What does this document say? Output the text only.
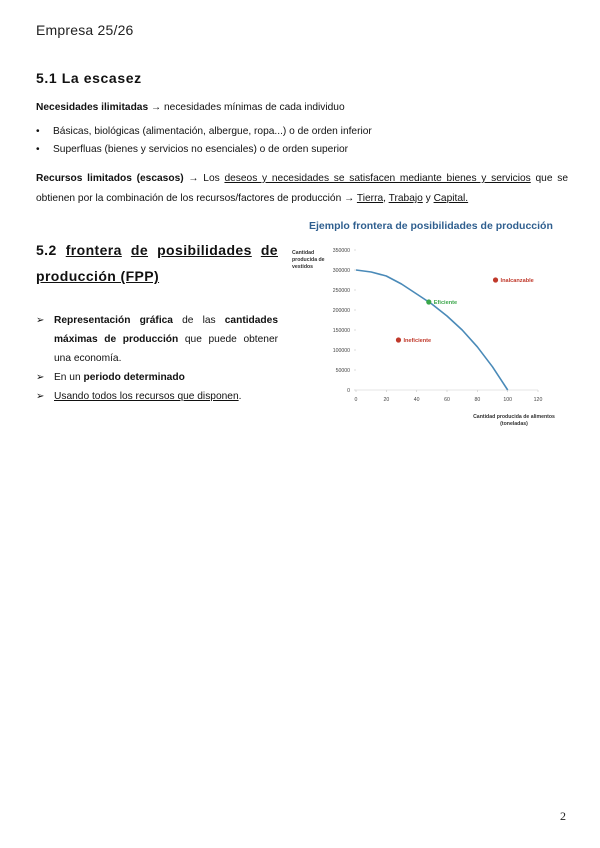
Empresa 25/26
5.1 La escasez
Necesidades ilimitadas → necesidades mínimas de cada individuo
• Básicas, biológicas (alimentación, albergue, ropa...) o de orden inferior
• Superfluas (bienes y servicios no esenciales) o de orden superior
Recursos limitados (escasos) → Los deseos y necesidades se satisfacen mediante bienes y servicios que se obtienen por la combinación de los recursos/factores de producción → Tierra, Trabajo y Capital.
5.2 frontera de posibilidades de
producción (FPP)
➢ Representación gráfica de las cantidades máximas de producción que puede obtener una economía.
➢ En un periodo determinado
➢ Usando todos los recursos que disponen.
Ejemplo frontera de posibilidades de producción
Cantidad producida de vestidos
0
50000
100000
150000
200000
250000
300000
350000
0	20	40	60	80	100	120
Cantidad producida de alimentos (toneladas)
Inalcanzable
Eficiente
Ineficiente
2
